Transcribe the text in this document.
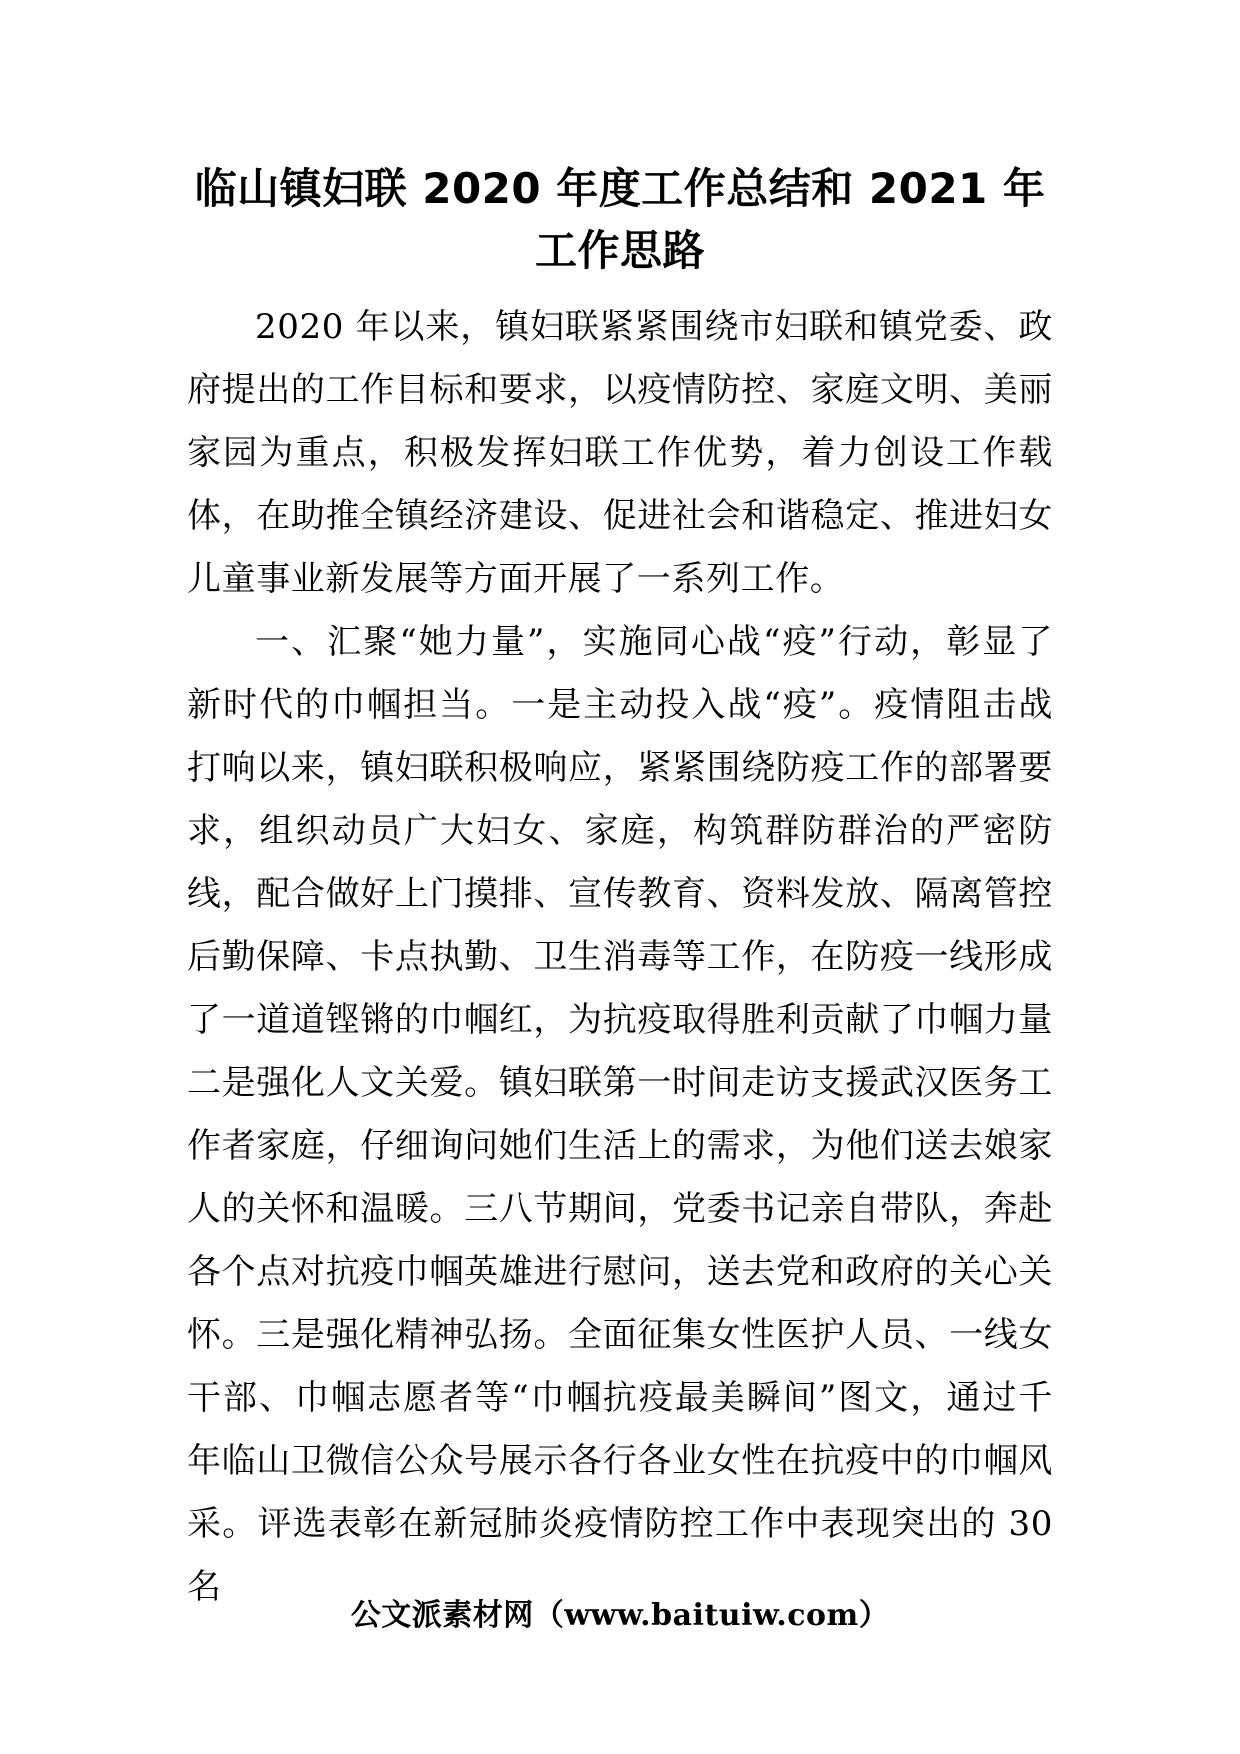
临山镇妇联 2020 年度工作总结和 2021 年工作思路

2020 年以来，镇妇联紧紧围绕市妇联和镇党委、政府提出的工作目标和要求，以疫情防控、家庭文明、美丽家园为重点，积极发挥妇联工作优势，着力创设工作载体，在助推全镇经济建设、促进社会和谐稳定、推进妇女儿童事业新发展等方面开展了一系列工作。

一、汇聚“她力量”，实施同心战“疫”行动，彰显了新时代的巾帼担当。一是主动投入战“疫”。疫情阻击战打响以来，镇妇联积极响应，紧紧围绕防疫工作的部署要求，组织动员广大妇女、家庭，构筑群防群治的严密防线，配合做好上门摸排、宣传教育、资料发放、隔离管控后勤保障、卡点执勤、卫生消毒等工作，在防疫一线形成了一道道铿锵的巾帼红，为抗疫取得胜利贡献了巾帼力量二是强化人文关爱。镇妇联第一时间走访支援武汉医务工作者家庭，仔细询问她们生活上的需求，为他们送去娘家人的关怀和温暖。三八节期间，党委书记亲自带队，奔赴各个点对抗疫巾帼英雄进行慰问，送去党和政府的关心关怀。三是强化精神弘扬。全面征集女性医护人员、一线女干部、巾帼志愿者等“巾帼抗疫最美瞬间”图文，通过千年临山卫微信公众号展示各行各业女性在抗疫中的巾帼风采。评选表彰在新冠肺炎疫情防控工作中表现突出的 30 名

公文派素材网（www.baituiw.com）
